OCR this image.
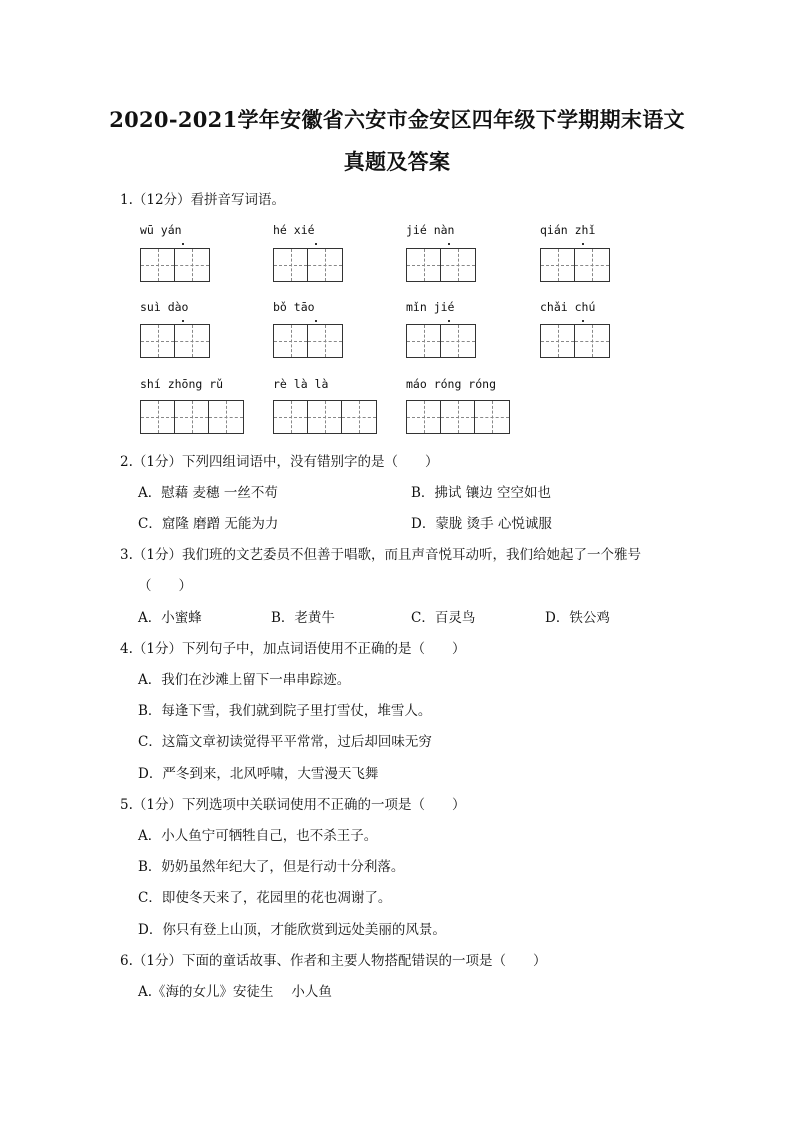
2020-2021学年安徽省六安市金安区四年级下学期期末语文
真题及答案
1.（12分）看拼音写词语。
wū yán	hé xié	jié nàn	qián zhǐ
suì dào	bǒ tāo	mǐn jié	chǎi chú
shí zhōng rǔ	rè là là	máo róng róng
2.（1分）下列四组词语中，没有错别字的是（　　）
A．慰藉 麦穗 一丝不苟	B．拂试 镶边 空空如也
C．窟隆 磨蹭 无能为力	D．蒙胧 烫手 心悦诚服
3.（1分）我们班的文艺委员不但善于唱歌，而且声音悦耳动听，我们给她起了一个雅号
（　　）
A．小蜜蜂	B．老黄牛	C．百灵鸟	D．铁公鸡
4.（1分）下列句子中，加点词语使用不正确的是（　　）
A．我们在沙滩上留下一串串踪迹。
B．每逢下雪，我们就到院子里打雪仗，堆雪人。
C．这篇文章初读觉得平平常常，过后却回味无穷
D．严冬到来，北风呼啸，大雪漫天飞舞
5.（1分）下列选项中关联词使用不正确的一项是（　　）
A．小人鱼宁可牺牲自己，也不杀王子。
B．奶奶虽然年纪大了，但是行动十分利落。
C．即使冬天来了，花园里的花也凋谢了。
D．你只有登上山顶，才能欣赏到远处美丽的风景。
6.（1分）下面的童话故事、作者和主要人物搭配错误的一项是（　　）
A.《海的女儿》安徒生　 小人鱼
